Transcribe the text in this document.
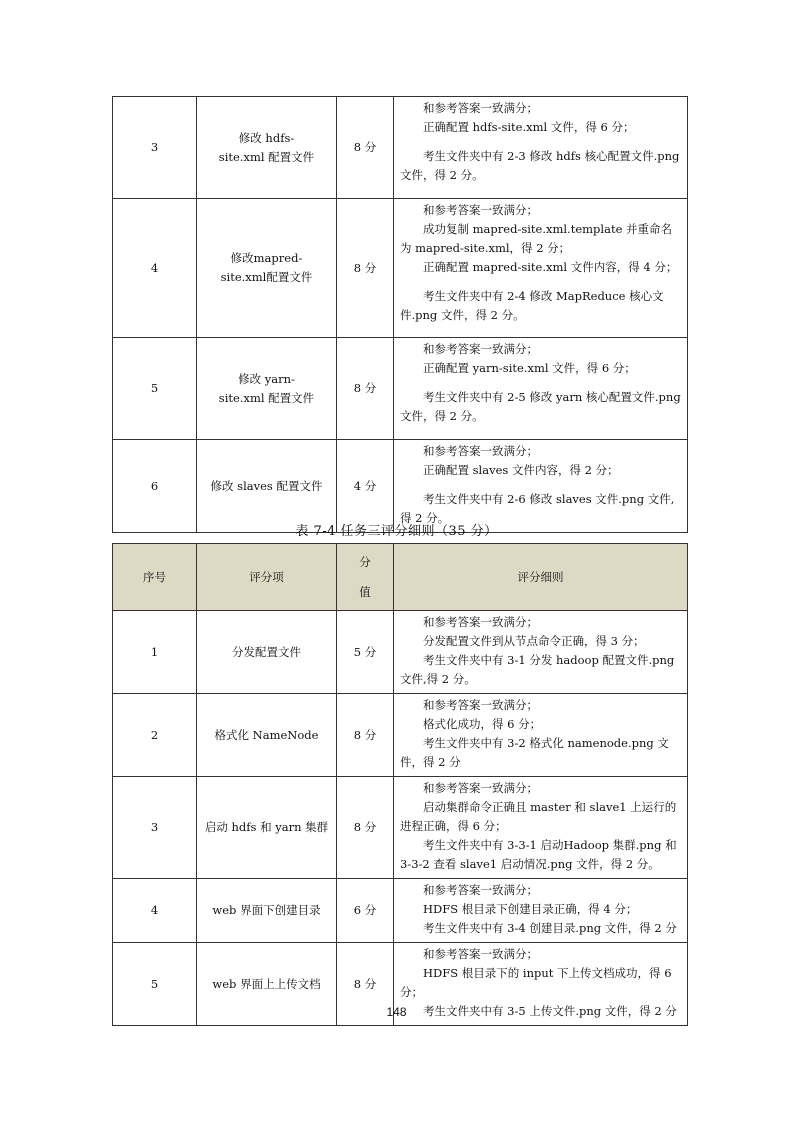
3	修改 hdfs-site.xml 配置文件	8 分	和参考答案一致满分；
正确配置 hdfs-site.xml 文件，得 6 分；
考生文件夹中有 2-3 修改 hdfs 核心配置文件.png 文件，得 2 分。

4	修改mapred-site.xml配置文件	8 分	和参考答案一致满分；
成功复制 mapred-site.xml.template 并重命名为 mapred-site.xml，得 2 分；
正确配置 mapred-site.xml 文件内容，得 4 分；
考生文件夹中有 2-4 修改 MapReduce 核心文件.png 文件，得 2 分。

5	修改 yarn-site.xml 配置文件	8 分	和参考答案一致满分；
正确配置 yarn-site.xml 文件，得 6 分；
考生文件夹中有 2-5 修改 yarn 核心配置文件.png 文件，得 2 分。

6	修改 slaves 配置文件	4 分	和参考答案一致满分；
正确配置 slaves 文件内容，得 2 分；
考生文件夹中有 2-6 修改 slaves 文件.png 文件,得 2 分。
表 7-4 任务三评分细则（35 分）
序号	评分项	分值	评分细则
1	分发配置文件	5 分	和参考答案一致满分；
分发配置文件到从节点命令正确，得 3 分；
考生文件夹中有 3-1 分发 hadoop 配置文件.png 文件,得 2 分。

2	格式化 NameNode	8 分	和参考答案一致满分；
格式化成功，得 6 分；
考生文件夹中有 3-2 格式化 namenode.png 文件，得 2 分

3	启动 hdfs 和 yarn 集群	8 分	和参考答案一致满分；
启动集群命令正确且 master 和 slave1 上运行的进程正确，得 6 分；
考生文件夹中有 3-3-1 启动Hadoop 集群.png 和 3-3-2 查看 slave1 启动情况.png 文件，得 2 分。

4	web 界面下创建目录	6 分	和参考答案一致满分；
HDFS 根目录下创建目录正确，得 4 分；
考生文件夹中有 3-4 创建目录.png 文件，得 2 分

5	web 界面上上传文档	8 分	和参考答案一致满分；
HDFS 根目录下的 input 下上传文档成功，得 6 分；
考生文件夹中有 3-5 上传文件.png 文件，得 2 分
148
